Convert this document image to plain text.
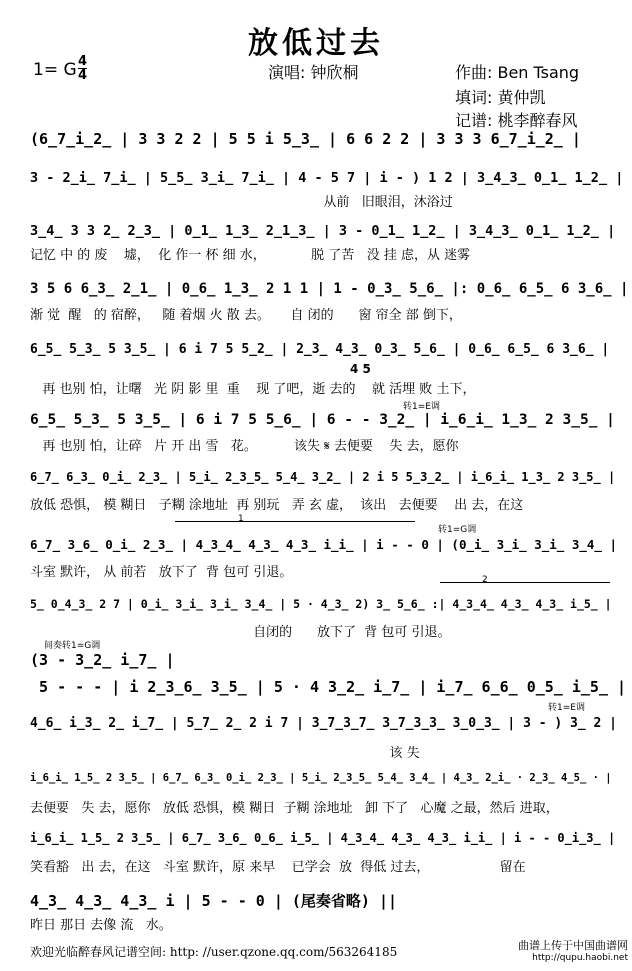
放低过去
1= G 4
4	演唱: 钟欣桐	作曲: Ben Tsang
填词: 黄仲凯
记谱: 桃李醉春风
(6̲7̲i̲2̲ | 3 3 2 2 | 5 5 i 5̲3̲ | 6 6 2 2 | 3 3 3 6̲7̲i̲2̲ |
3 - 2̲i̲ 7̲i̲ | 5̲5̲ 3̲i̲ 7̲i̲ | 4 - 5 7 | i - ) 1 2 | 3̲4̲3̲ 0̲1̲ 1̲2̲ |
从前   旧眼泪，沐浴过
3̲4̲ 3 3 2̲ 2̲3̲ | 0̲1̲ 1̲3̲ 2̲1̲3̲ | 3 - 0̲1̲ 1̲2̲ | 3̲4̲3̲ 0̲1̲ 1̲2̲ |
记忆 中 的 废    墟，  化 作一 杯 细 水，           脱 了苦   没 挂 虑，从 迷雾
3 5 6 6̲3̲ 2̲1̲ | 0̲6̲ 1̲3̲ 2 1 1 | 1 - 0̲3̲ 5̲6̲ |: 0̲6̲ 6̲5̲ 6 3̲6̲ |
渐 觉  醒   的 宿醉，   随 着烟 火 散 去。     自 闭的      窗 帘全 部 倒下，
6̲5̲ 5̲3̲ 5 3̲5̲ | 6 i 7 5 5̲2̲ | 2̲3̲ 4̲3̲ 0̲3̲ 5̲6̲ | 0̲6̲ 6̲5̲ 6 3̲6̲ |
4 5
再 也别 怕，让曙   光 阴 影 里  重    现 了吧，逝 去的    就 活埋 败 土下，
转1=E调
6̲5̲ 5̲3̲ 5 3̲5̲ | 6 i 7 5 5̲6̲ | 6 - - 3̲2̲ | i̲6̲i̲ 1̲3̲ 2 3̲5̲ |
再 也别 怕，让碎   片 开 出 雪   花。         该失 𝄋 去便要    失 去，愿你
6̲7̲ 6̲3̲ 0̲i̲ 2̲3̲ | 5̲i̲ 2̲3̲5̲ 5̲4̲ 3̲2̲ | 2 i 5 5̲3̲2̲ | i̲6̲i̲ 1̲3̲ 2 3̲5̲ |
放低 恐惧， 模 糊日   子糊 涂地址  再 别玩   弄 玄 虚，  该出   去便要    出 去，在这
1
转1=G调
6̲7̲ 3̲6̲ 0̲i̲ 2̲3̲ | 4̲3̲4̲ 4̲3̲ 4̲3̲ i̲i̲ | i - - 0 | (0̲i̲ 3̲i̲ 3̲i̲ 3̲4̲ |
斗室 默许， 从 前若   放下了  背 包可 引退。	2
5̲ 0̲4̲3̲ 2 7 | 0̲i̲ 3̲i̲ 3̲i̲ 3̲4̲ | 5 · 4̲3̲ 2) 3̲ 5̲6̲ :| 4̲3̲4̲ 4̲3̲ 4̲3̲ i̲5̲ |
自闭的      放下了  背 包可 引退。
间奏转1=G调
(3 - 3̲2̲ i̲7̲ |
5 - - - | i 2̲3̲6̲ 3̲5̲ | 5 · 4 3̲2̲ i̲7̲ | i̲7̲ 6̲6̲ 0̲5̲ i̲5̲ |
转1=E调
4̲6̲ i̲3̲ 2̲ i̲7̲ | 5̲7̲ 2̲ 2 i 7 | 3̲7̲3̲7̲ 3̲7̲3̲3̲ 3̲0̲3̲ | 3 - ) 3̲ 2 |
该 失
i̲6̲i̲ 1̲5̲ 2 3̲5̲ | 6̲7̲ 6̲3̲ 0̲i̲ 2̲3̲ | 5̲i̲ 2̲3̲5̲ 5̲4̲ 3̲4̲ | 4̲3̲ 2̲i̲ · 2̲3̲ 4̲5̲ · |
去便要   失 去，愿你   放低 恐惧，模 糊日  子糊 涂地址   卸 下了   心魔 之最，然后 进取，
i̲6̲i̲ 1̲5̲ 2 3̲5̲ | 6̲7̲ 3̲6̲ 0̲6̲ i̲5̲ | 4̲3̲4̲ 4̲3̲ 4̲3̲ i̲i̲ | i - - 0̲i̲3̲ |
笑看豁   出 去，在这   斗室 默许，原 来早    已学会  放  得低 过去，                 留在
4̲3̲ 4̲3̲ 4̲3̲ i | 5 - - 0 | (尾奏省略) ||
昨日 那日 去像 流   水。
欢迎光临醉春风记谱空间: http: //user.qzone.qq.com/563264185	曲谱上传于中国曲谱网
http://qupu.haobi.net
